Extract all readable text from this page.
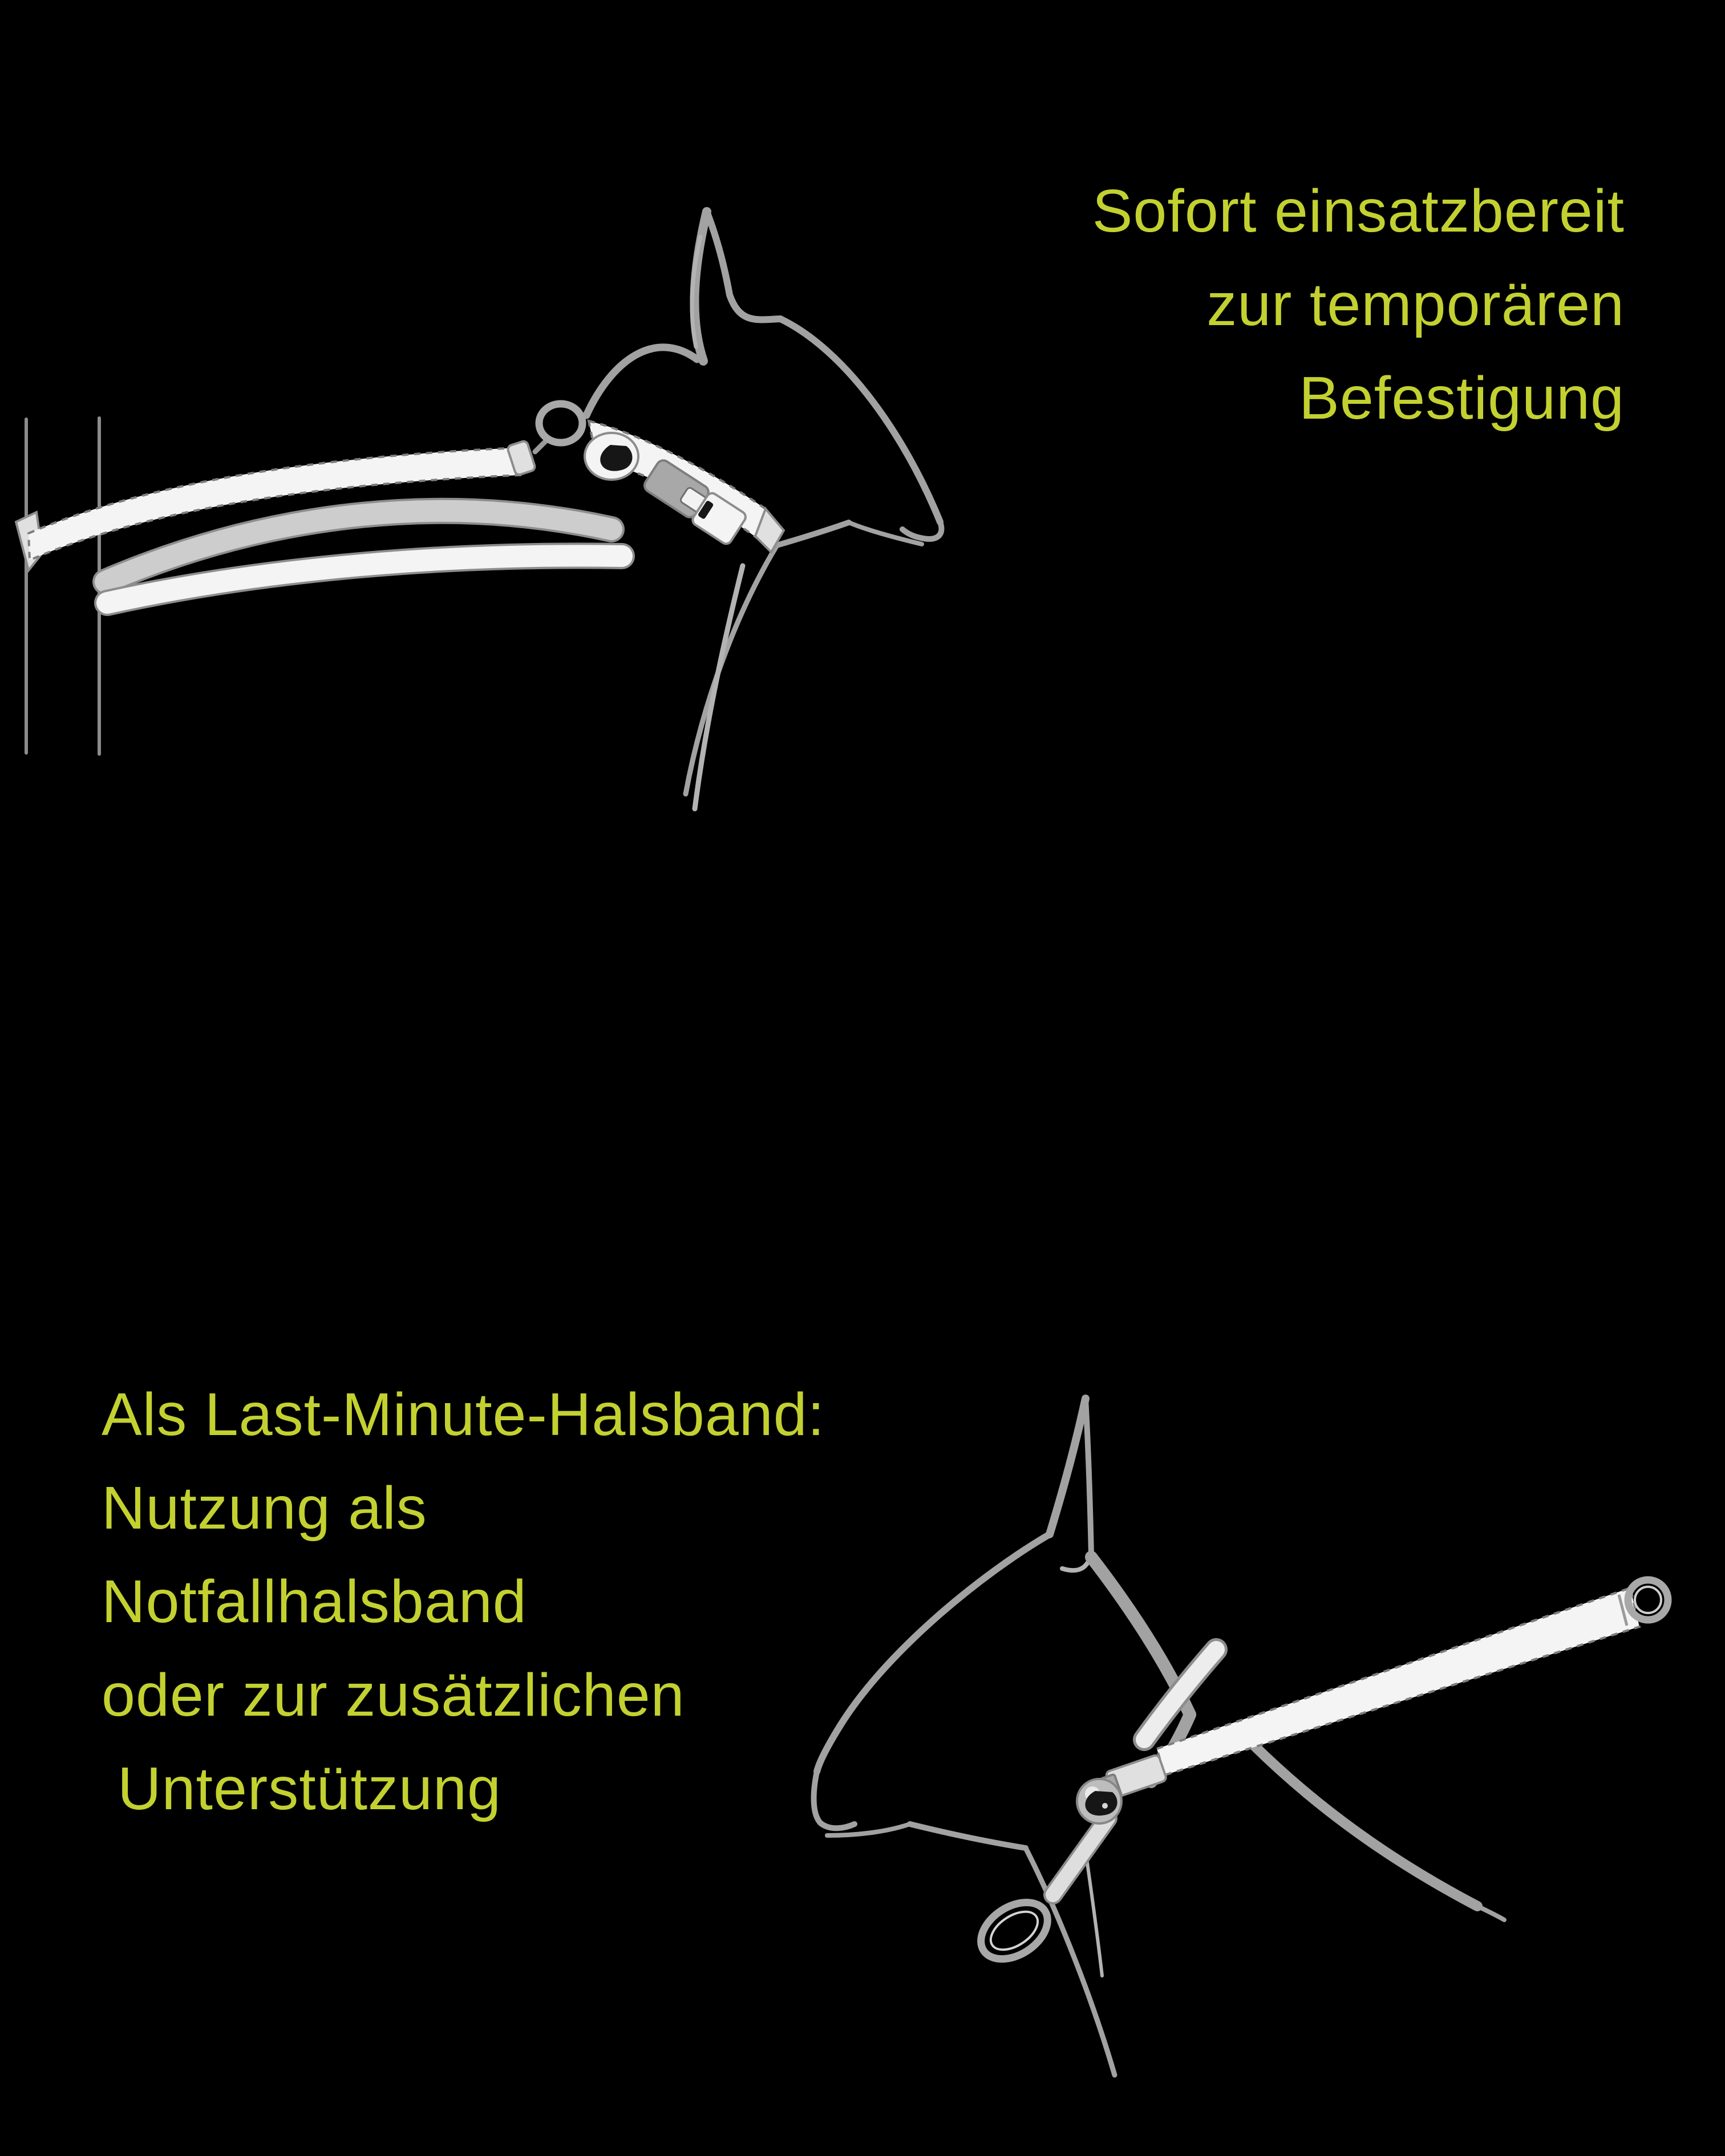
Sofort einsatzbereit
zur temporären
Befestigung
Als Last-Minute-Halsband:
Nutzung als
Notfallhalsband
oder zur zusätzlichen
Unterstützung
